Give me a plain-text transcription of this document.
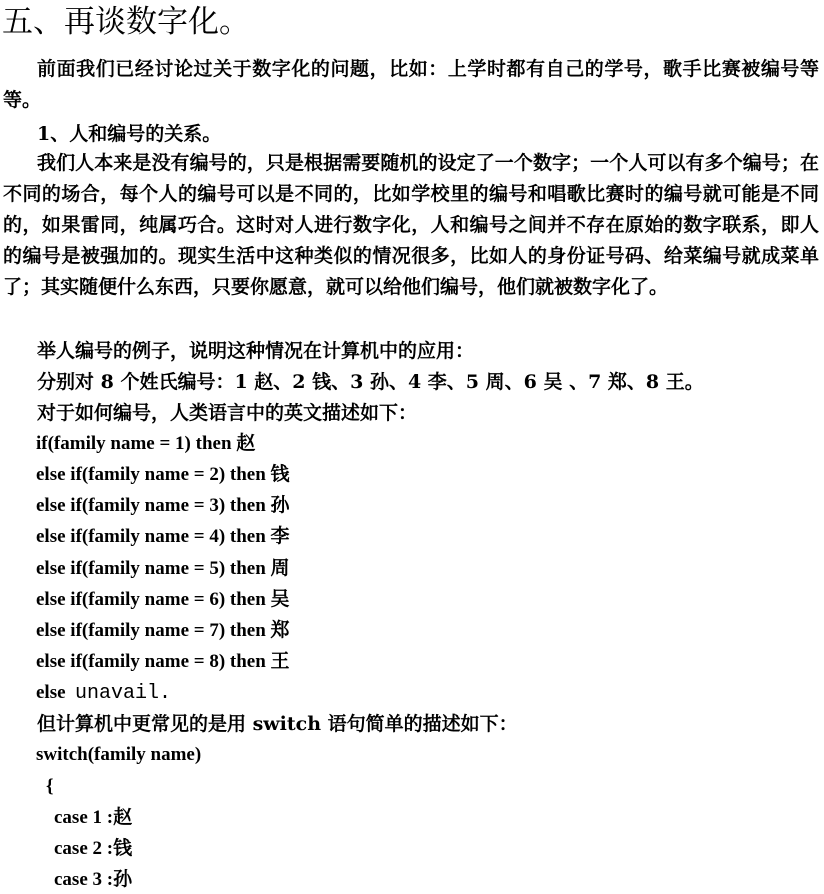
五、再谈数字化。
前面我们已经讨论过关于数字化的问题，比如：上学时都有自己的学号，歌手比赛被编号等等。
1、人和编号的关系。
我们人本来是没有编号的，只是根据需要随机的设定了一个数字；一个人可以有多个编号；在不同的场合，每个人的编号可以是不同的，比如学校里的编号和唱歌比赛时的编号就可能是不同的，如果雷同，纯属巧合。这时对人进行数字化，人和编号之间并不存在原始的数字联系，即人的编号是被强加的。现实生活中这种类似的情况很多，比如人的身份证号码、给菜编号就成菜单了；其实随便什么东西，只要你愿意，就可以给他们编号，他们就被数字化了。
举人编号的例子，说明这种情况在计算机中的应用：
分别对 8 个姓氏编号：1 赵、2 钱、3 孙、4 李、5 周、6 吴 、7 郑、8 王。
对于如何编号，人类语言中的英文描述如下：
if(family name = 1) then 赵
else if(family name = 2) then 钱
else if(family name = 3) then 孙
else if(family name = 4) then 李
else if(family name = 5) then 周
else if(family name = 6) then 吴
else if(family name = 7) then 郑
else if(family name = 8) then 王
else unavail.
但计算机中更常见的是用 switch 语句简单的描述如下：
switch(family name)
{
case 1 :赵
case 2 :钱
case 3 :孙
